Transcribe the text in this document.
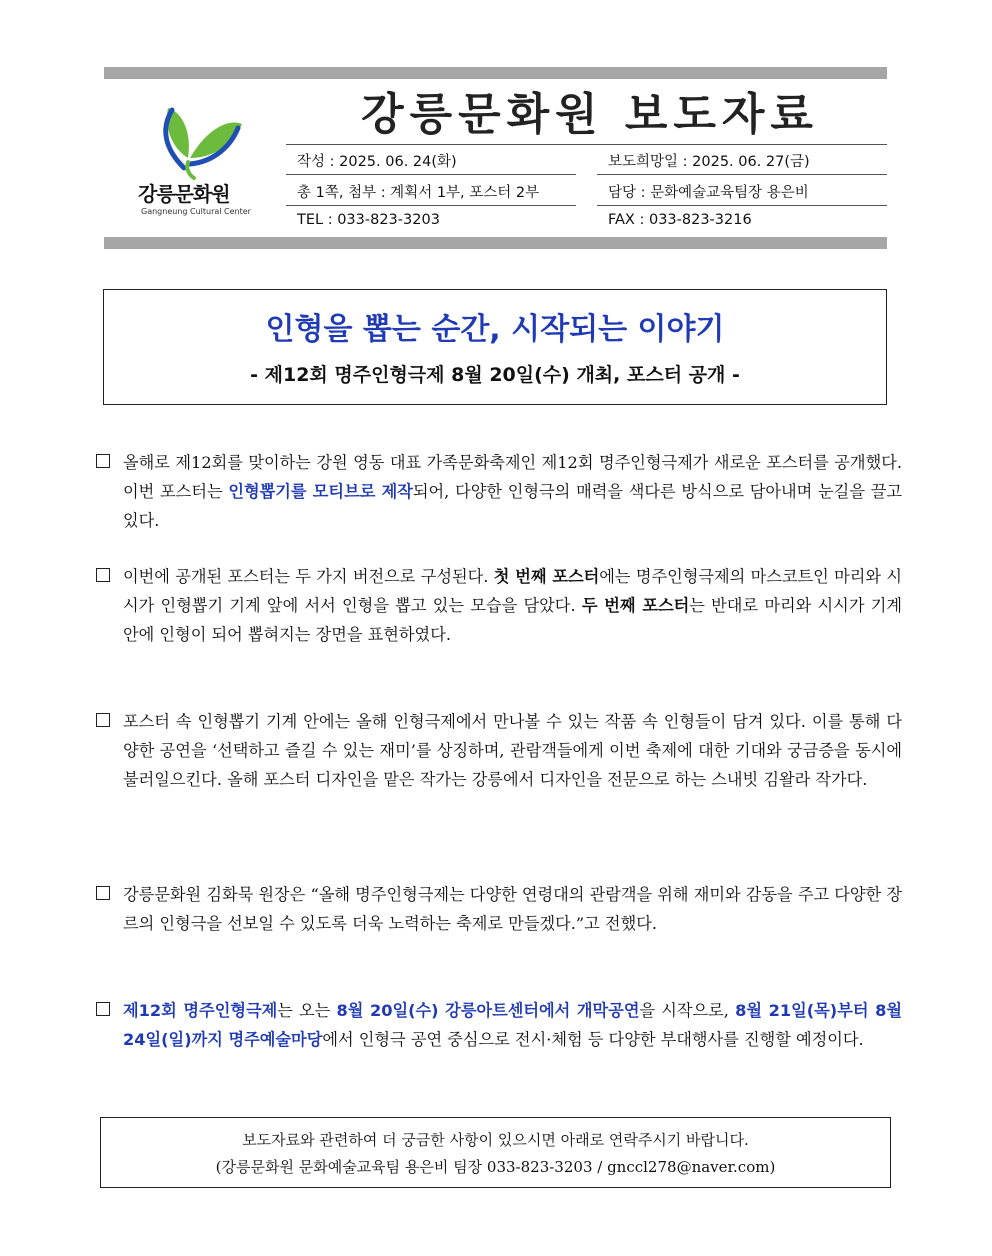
강릉문화원
Gangneung Cultural Center
강릉문화원 보도자료
작성 : 2025. 06. 24(화)	보도희망일 : 2025. 06. 27(금)
총 1쪽, 첨부 : 계획서 1부, 포스터 2부	담당 : 문화예술교육팀장 용은비
TEL : 033-823-3203	FAX : 033-823-3216
인형을 뽑는 순간, 시작되는 이야기
- 제12회 명주인형극제 8월 20일(수) 개최, 포스터 공개 -
올해로 제12회를 맞이하는 강원 영동 대표 가족문화축제인 제12회 명주인형극제가 새로운 포스터를 공개했다. 이번 포스터는 인형뽑기를 모티브로 제작되어, 다양한 인형극의 매력을 색다른 방식으로 담아내며 눈길을 끌고 있다.
이번에 공개된 포스터는 두 가지 버전으로 구성된다. 첫 번째 포스터에는 명주인형극제의 마스코트인 마리와 시시가 인형뽑기 기계 앞에 서서 인형을 뽑고 있는 모습을 담았다. 두 번째 포스터는 반대로 마리와 시시가 기계 안에 인형이 되어 뽑혀지는 장면을 표현하였다.
포스터 속 인형뽑기 기계 안에는 올해 인형극제에서 만나볼 수 있는 작품 속 인형들이 담겨 있다. 이를 통해 다양한 공연을 ‘선택하고 즐길 수 있는 재미’를 상징하며, 관람객들에게 이번 축제에 대한 기대와 궁금증을 동시에 불러일으킨다. 올해 포스터 디자인을 맡은 작가는 강릉에서 디자인을 전문으로 하는 스내빗 김왈라 작가다.
강릉문화원 김화묵 원장은 “올해 명주인형극제는 다양한 연령대의 관람객을 위해 재미와 감동을 주고 다양한 장르의 인형극을 선보일 수 있도록 더욱 노력하는 축제로 만들겠다.”고 전했다.
제12회 명주인형극제는 오는 8월 20일(수) 강릉아트센터에서 개막공연을 시작으로, 8월 21일(목)부터 8월 24일(일)까지 명주예술마당에서 인형극 공연 중심으로 전시·체험 등 다양한 부대행사를 진행할 예정이다.
보도자료와 관련하여 더 궁금한 사항이 있으시면 아래로 연락주시기 바랍니다.
(강릉문화원 문화예술교육팀 용은비 팀장 033-823-3203 / gnccl278@naver.com)
